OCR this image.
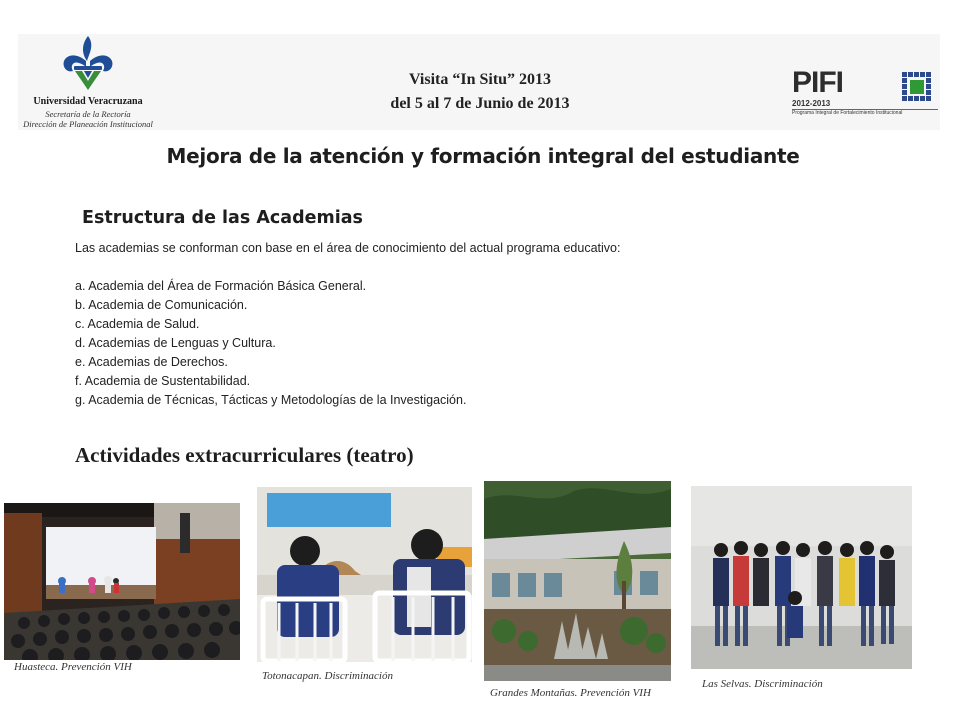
Universidad Veracruzana
Secretaría de la Rectoría
Dirección de Planeación Institucional
Visita “In Situ” 2013
del 5 al 7 de Junio de 2013
PIFI
2012-2013
Programa Integral de Fortalecimiento Institucional
Mejora de la atención y formación integral del estudiante
Estructura de las Academias
Las academias se conforman con base en el área de conocimiento del actual programa educativo:
a. Academia del Área de Formación Básica General.
b. Academia de Comunicación.
c. Academia de Salud.
d. Academias de Lenguas y Cultura.
e. Academias de Derechos.
f. Academia de Sustentabilidad.
g. Academia de Técnicas, Tácticas y Metodologías de la Investigación.
Actividades extracurriculares (teatro)
Huasteca. Prevención VIH
Totonacapan. Discriminación
Grandes Montañas. Prevención VIH
Las Selvas. Discriminación
